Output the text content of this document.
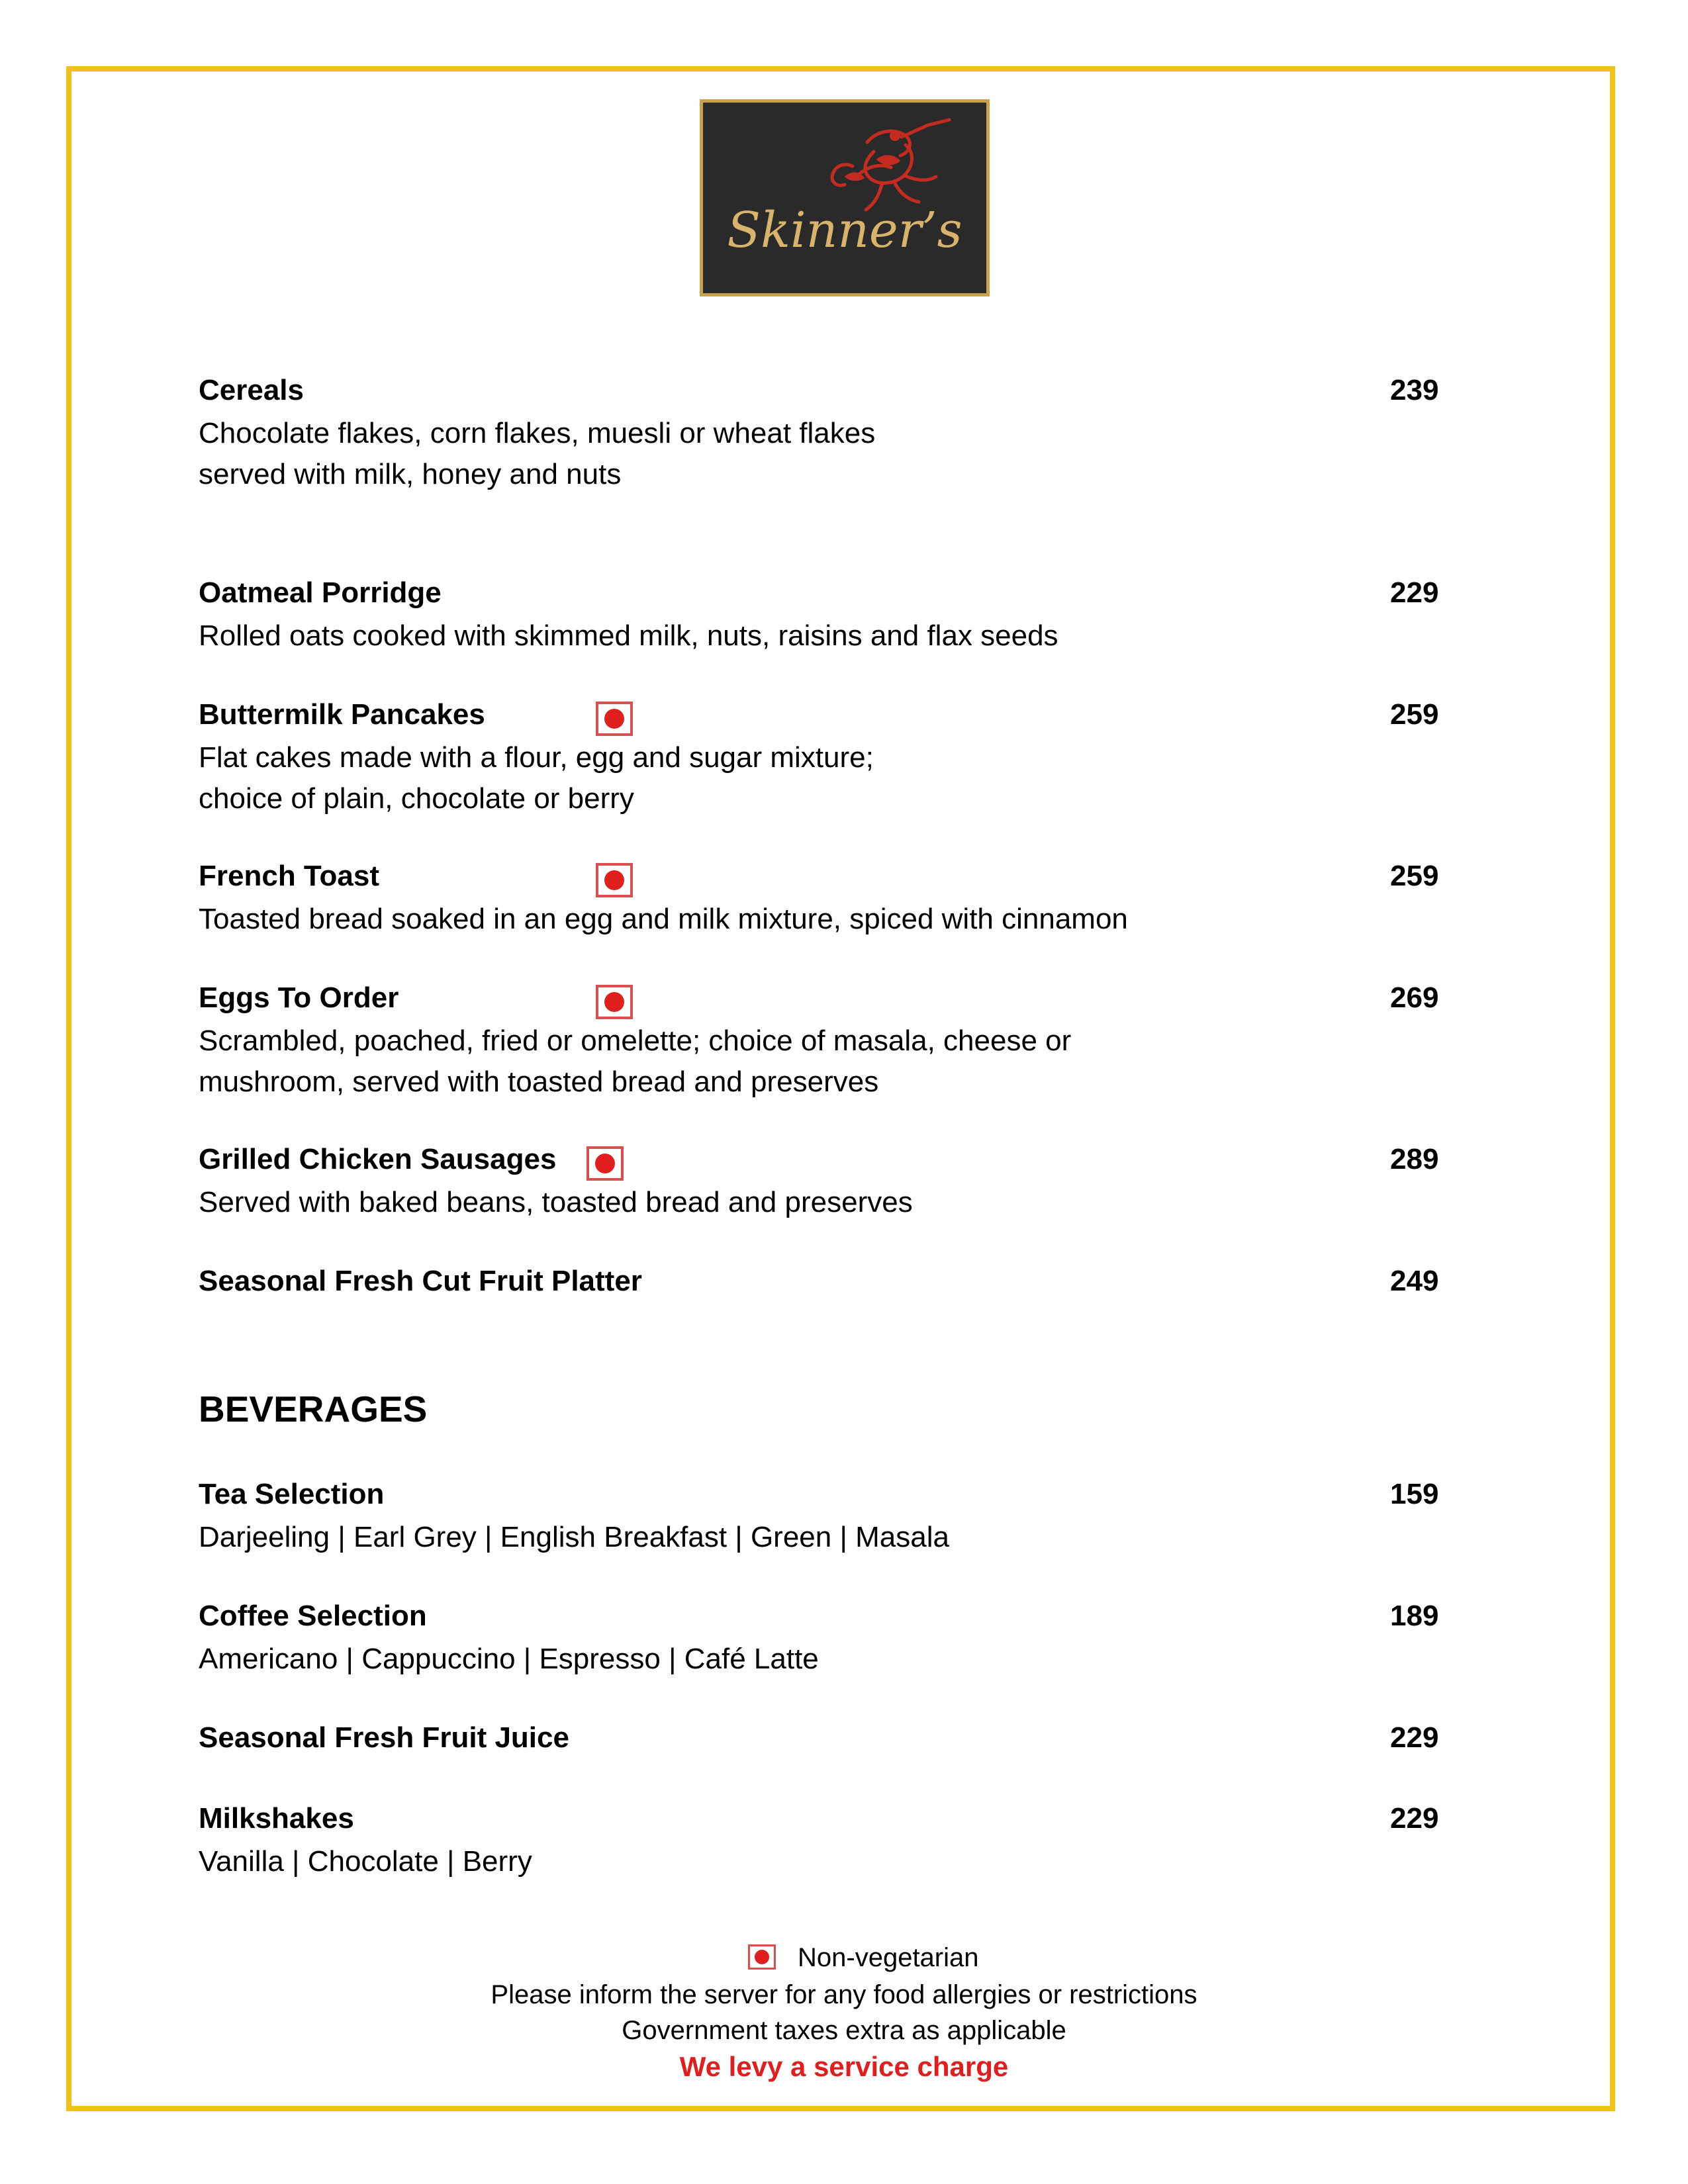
Skinner’s
Cereals	239
Chocolate flakes, corn flakes, muesli or wheat flakes
served with milk, honey and nuts
Oatmeal Porridge	229
Rolled oats cooked with skimmed milk, nuts, raisins and flax seeds
Buttermilk Pancakes	259
Flat cakes made with a flour, egg and sugar mixture;
choice of plain, chocolate or berry
French Toast	259
Toasted bread soaked in an egg and milk mixture, spiced with cinnamon
Eggs To Order	269
Scrambled, poached, fried or omelette; choice of masala, cheese or
mushroom, served with toasted bread and preserves
Grilled Chicken Sausages	289
Served with baked beans, toasted bread and preserves
Seasonal Fresh Cut Fruit Platter	249
BEVERAGES
Tea Selection	159
Darjeeling | Earl Grey | English Breakfast | Green | Masala
Coffee Selection	189
Americano | Cappuccino | Espresso | Café Latte
Seasonal Fresh Fruit Juice	229
Milkshakes	229
Vanilla | Chocolate | Berry
Non-vegetarian
Please inform the server for any food allergies or restrictions
Government taxes extra as applicable
We levy a service charge
